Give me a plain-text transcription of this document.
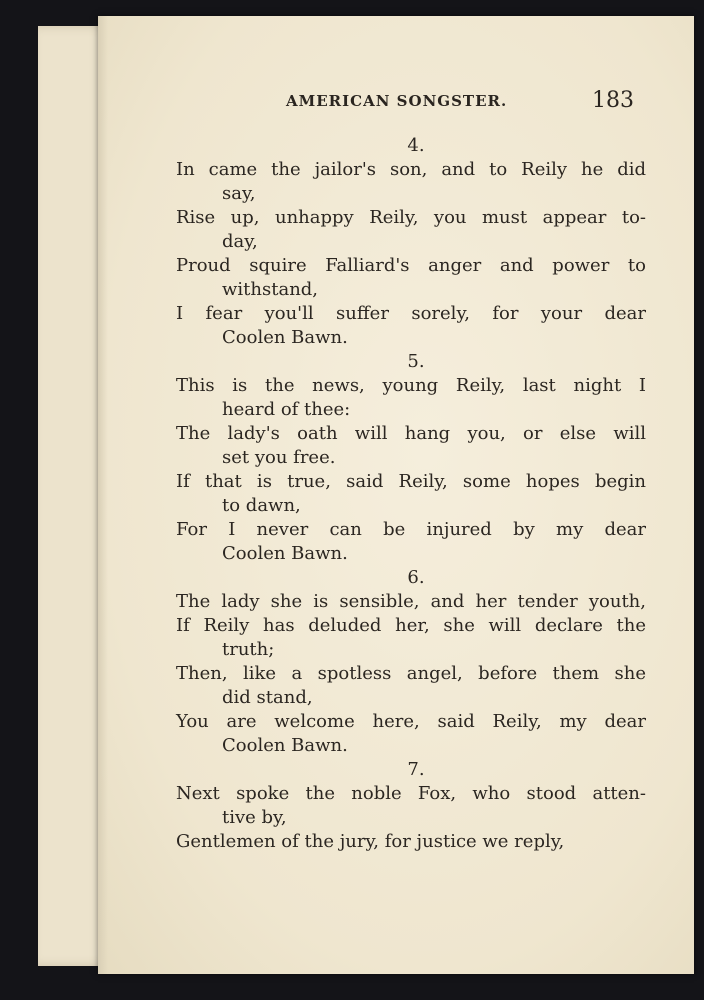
AMERICAN SONGSTER.	183
4.
In came the jailor's son, and to Reily he did
say,
Rise up, unhappy Reily, you must appear to-
day,
Proud squire Falliard's anger and power to
withstand,
I fear you'll suffer sorely, for your dear
Coolen Bawn.
5.
This is the news, young Reily, last night I
heard of thee:
The lady's oath will hang you, or else will
set you free.
If that is true, said Reily, some hopes begin
to dawn,
For I never can be injured by my dear
Coolen Bawn.
6.
The lady she is sensible, and her tender youth,
If Reily has deluded her, she will declare the
truth;
Then, like a spotless angel, before them she
did stand,
You are welcome here, said Reily, my dear
Coolen Bawn.
7.
Next spoke the noble Fox, who stood atten-
tive by,
Gentlemen of the jury, for justice we reply,
